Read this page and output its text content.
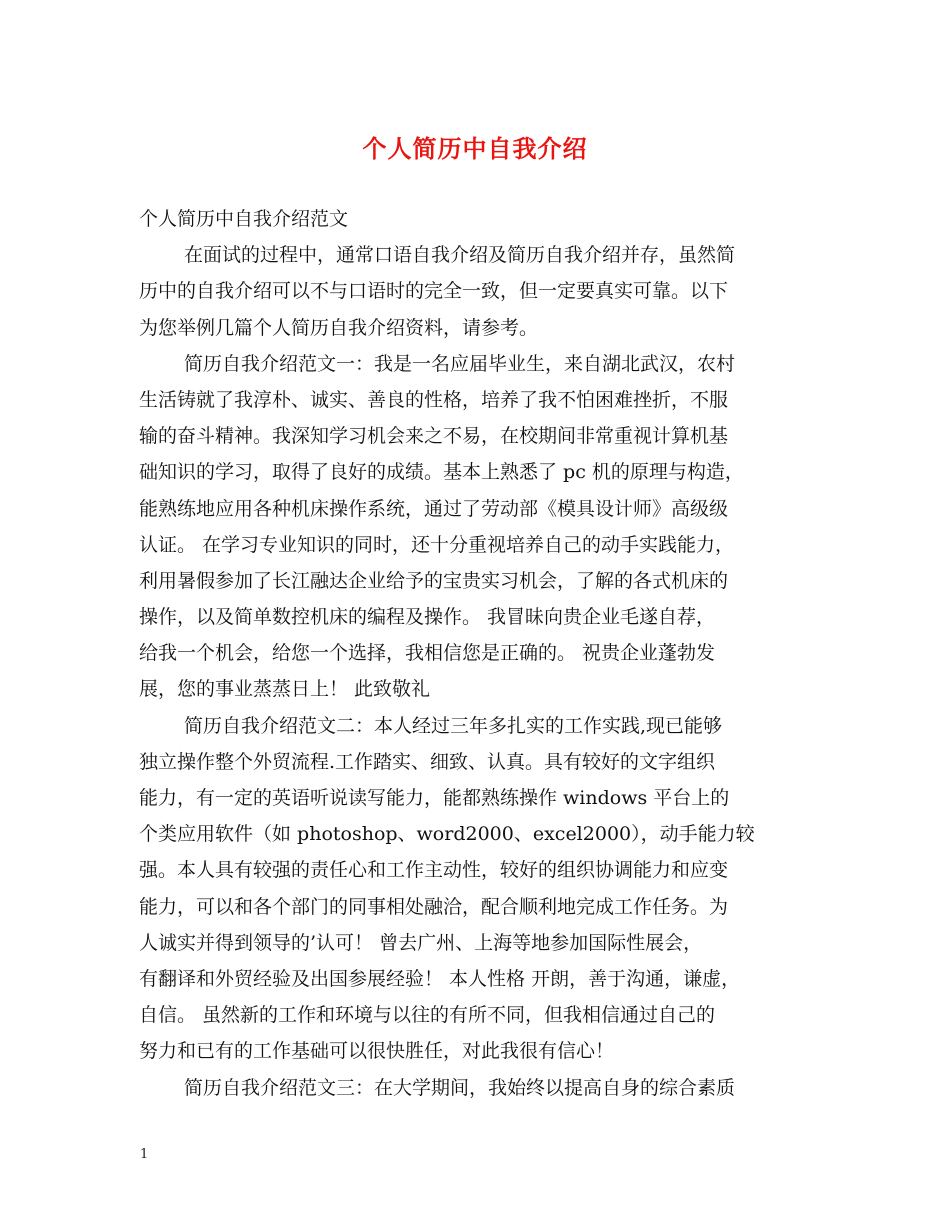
个人简历中自我介绍
个人简历中自我介绍范文
在面试的过程中，通常口语自我介绍及简历自我介绍并存，虽然简
历中的自我介绍可以不与口语时的完全一致，但一定要真实可靠。以下
为您举例几篇个人简历自我介绍资料，请参考。
简历自我介绍范文一：我是一名应届毕业生，来自湖北武汉，农村
生活铸就了我淳朴、诚实、善良的性格，培养了我不怕困难挫折，不服
输的奋斗精神。我深知学习机会来之不易，在校期间非常重视计算机基
础知识的学习，取得了良好的成绩。基本上熟悉了 pc 机的原理与构造，
能熟练地应用各种机床操作系统，通过了劳动部《模具设计师》高级级
认证。 在学习专业知识的同时，还十分重视培养自己的动手实践能力，
利用暑假参加了长江融达企业给予的宝贵实习机会，了解的各式机床的
操作，以及简单数控机床的编程及操作。 我冒昧向贵企业毛遂自荐，
给我一个机会，给您一个选择，我相信您是正确的。 祝贵企业蓬勃发
展，您的事业蒸蒸日上！ 此致敬礼
简历自我介绍范文二：本人经过三年多扎实的工作实践,现已能够
独立操作整个外贸流程.工作踏实、细致、认真。具有较好的文字组织
能力，有一定的英语听说读写能力，能都熟练操作 windows 平台上的
个类应用软件（如 photoshop、word2000、excel2000），动手能力较
强。本人具有较强的责任心和工作主动性，较好的组织协调能力和应变
能力，可以和各个部门的同事相处融洽，配合顺利地完成工作任务。为
人诚实并得到领导的’认可！ 曾去广州、上海等地参加国际性展会，
有翻译和外贸经验及出国参展经验！ 本人性格 开朗，善于沟通，谦虚，
自信。 虽然新的工作和环境与以往的有所不同，但我相信通过自己的
努力和已有的工作基础可以很快胜任，对此我很有信心！
简历自我介绍范文三：在大学期间，我始终以提高自身的综合素质
1
